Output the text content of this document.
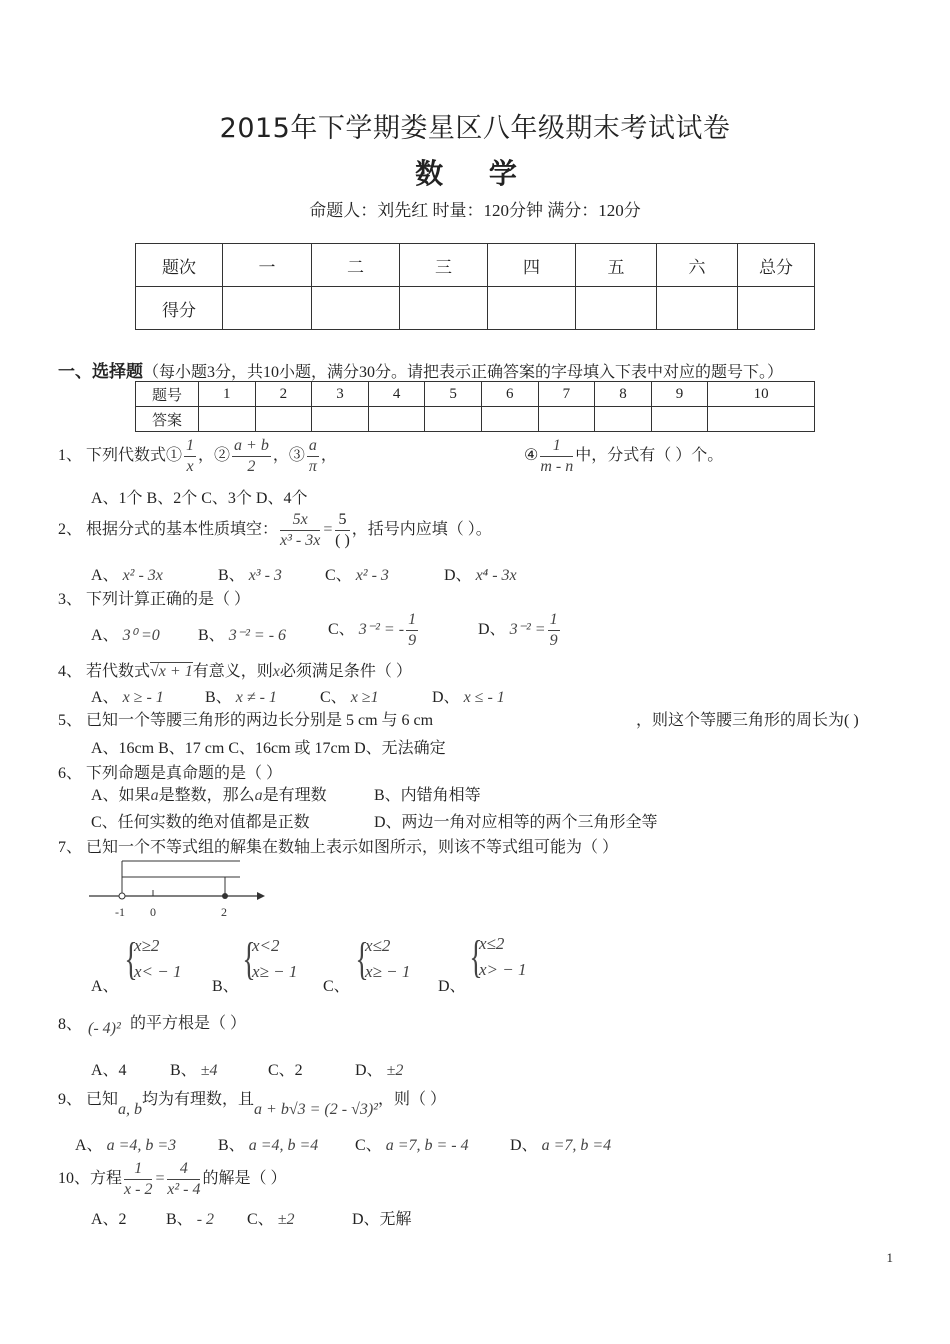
2015年下学期娄星区八年级期末考试试卷
数 学
命题人：刘先红 时量：120分钟 满分：120分
题次	一	二	三	四	五	六	总分
得分							
一、选择题（每小题3分，共10小题，满分30分。请把表示正确答案的字母填入下表中对应的题号下。）
题号	1	2	3	4	5	6	7	8	9	10
答案										
1、 下列代数式① $\frac{1}{x}$ ，② $\frac{a + b}{2}$ ，③ $\frac{a}{\pi}$ ，	④ $\frac{1}{m - n}$ 中，分式有（ ）个。
A、1个 B、2个 C、3个 D、4个
2、 根据分式的基本性质填空： $\frac{5x}{\text{x³ - 3x}} = \frac{5}{( )}$ ，括号内应填（ ）。
A、 x² - 3x	B、 x³ - 3	C、 x² - 3	D、 x⁴ - 3x
3、 下列计算正确的是（ ）
A、 3⁰ =0 B、 3⁻² = - 6	C、 3⁻² = - $\frac{1}{9}$	D、 $3^{-2} = \frac{1}{9}$
4、 若代数式√x + 1有意义，则x必须满足条件（ ）
A、 x ≥ - 1	B、 x ≠ - 1	C、 x ≥1	D、 x ≤ - 1
5、 已知一个等腰三角形的两边长分别是 5 cm 与 6 cm	，则这个等腰三角形的周长为( )
A、16cm B、17 cm C、16cm 或 17cm D、无法确定
6、 下列命题是真命题的是（ ）
A、如果a是整数，那么a是有理数	B、内错角相等
C、任何实数的绝对值都是正数	D、两边一角对应相等的两个三角形全等
7、 已知一个不等式组的解集在数轴上表示如图所示，则该不等式组可能为（ ）
-1 0	2
A、
{
x≥2
x< − 1
B、
{
x<2
x≥ − 1
C、
{
x≤2
x≥ − 1
D、
{
x≤2
x> − 1
8、 (- 4)² 的平方根是（ ）
A、4	B、 ±4	C、2	D、 ±2
9、 已知a, b均为有理数，且a + b√3 = (2 - √3)²，则（ ）
A、 a =4, b =3	B、 a =4, b =4 C、 a =7, b = - 4	D、 a =7, b =4
10、方程 $\frac{1}{x - 2} = \frac{4}{\text{x² - 4}}$ 的解是（ ）
A、2 B、 - 2 C、 ±2	D、无解
1
